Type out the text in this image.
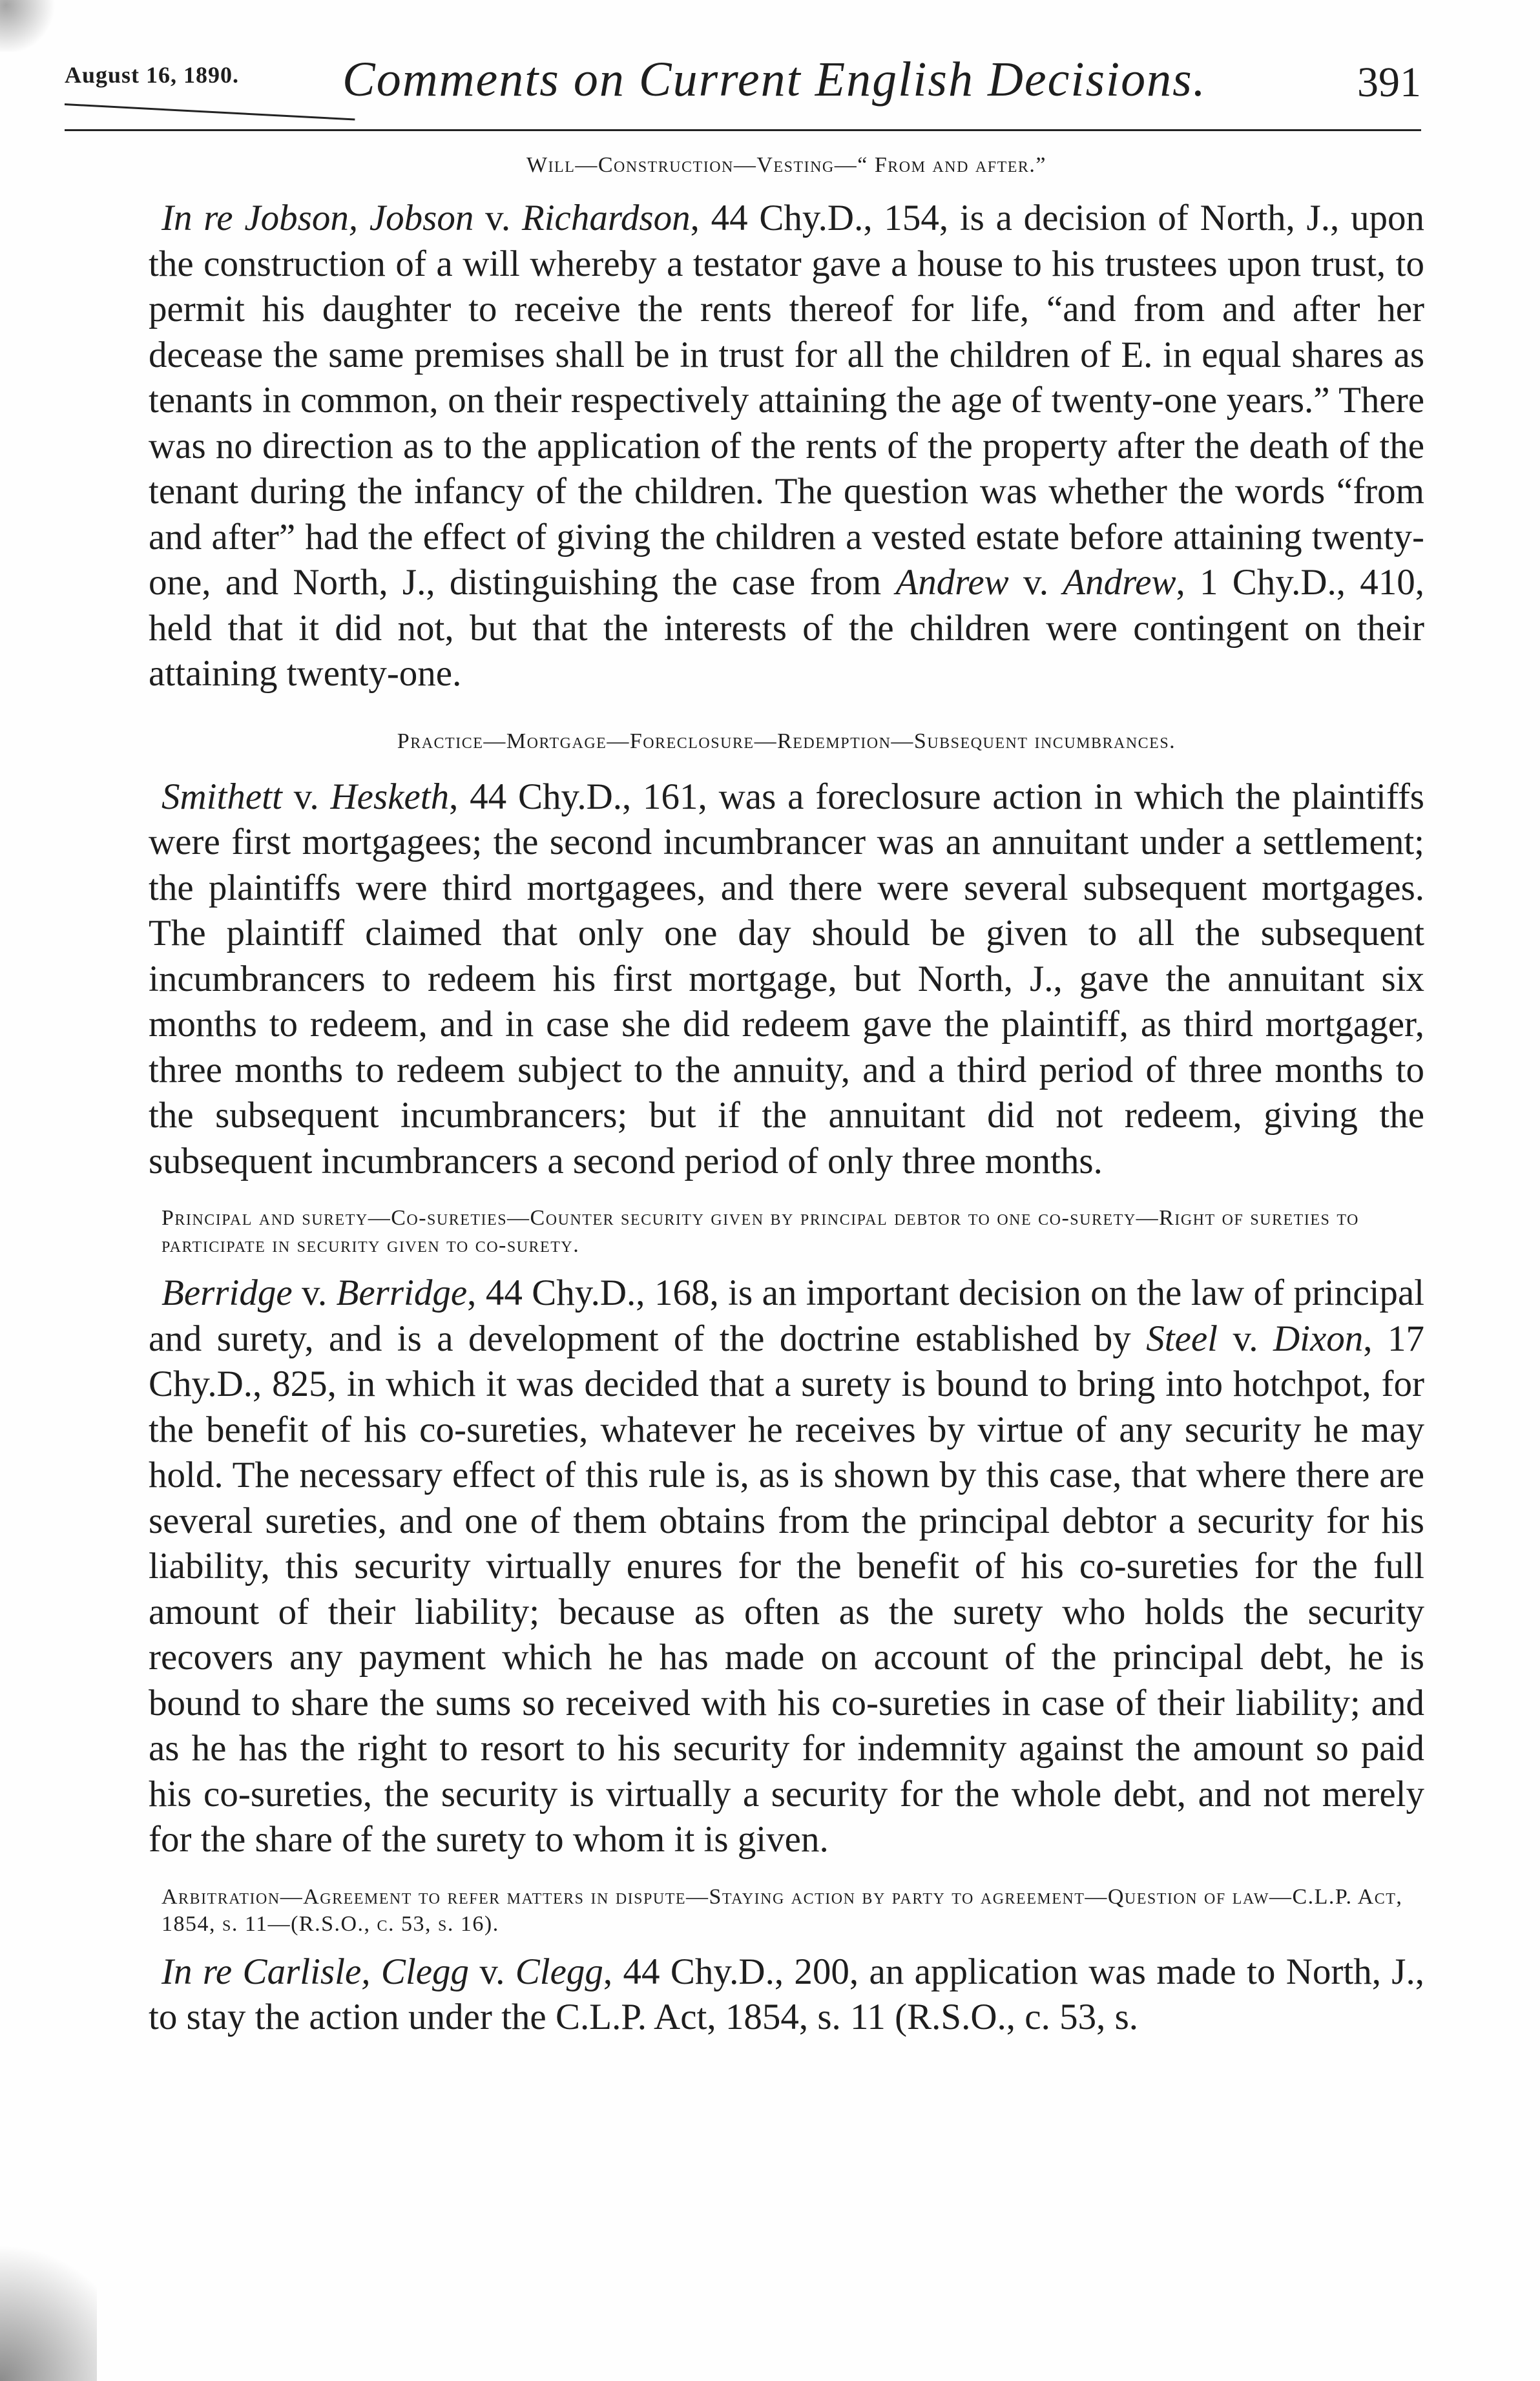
August 16, 1890. Comments on Current English Decisions.	391

Will—Construction—Vesting—“ From and after.”

In re Jobson, Jobson v. Richardson, 44 Chy.D., 154, is a decision of North, J., upon the construction of a will whereby a testator gave a house to his trustees upon trust, to permit his daughter to receive the rents thereof for life, “and from and after her decease the same premises shall be in trust for all the children of E. in equal shares as tenants in common, on their respectively attaining the age of twenty-one years.” There was no direction as to the application of the rents of the property after the death of the tenant during the infancy of the children. The question was whether the words “from and after” had the effect of giving the children a vested estate before attaining twenty-one, and North, J., distinguishing the case from Andrew v. Andrew, 1 Chy.D., 410, held that it did not, but that the interests of the children were contingent on their attaining twenty-one.

Practice—Mortgage—Foreclosure—Redemption—Subsequent incumbrances.

Smithett v. Hesketh, 44 Chy.D., 161, was a foreclosure action in which the plaintiffs were first mortgagees; the second incumbrancer was an annuitant under a settlement; the plaintiffs were third mortgagees, and there were several subsequent mortgages. The plaintiff claimed that only one day should be given to all the subsequent incumbrancers to redeem his first mortgage, but North, J., gave the annuitant six months to redeem, and in case she did redeem gave the plaintiff, as third mortgager, three months to redeem subject to the annuity, and a third period of three months to the subsequent incumbrancers; but if the annuitant did not redeem, giving the subsequent incumbrancers a second period of only three months.

Principal and surety—Co-sureties—Counter security given by principal debtor to one co-surety—Right of sureties to participate in security given to co-surety.

Berridge v. Berridge, 44 Chy.D., 168, is an important decision on the law of principal and surety, and is a development of the doctrine established by Steel v. Dixon, 17 Chy.D., 825, in which it was decided that a surety is bound to bring into hotchpot, for the benefit of his co-sureties, whatever he receives by virtue of any security he may hold. The necessary effect of this rule is, as is shown by this case, that where there are several sureties, and one of them obtains from the principal debtor a security for his liability, this security virtually enures for the benefit of his co-sureties for the full amount of their liability; because as often as the surety who holds the security recovers any payment which he has made on account of the principal debt, he is bound to share the sums so received with his co-sureties in case of their liability; and as he has the right to resort to his security for indemnity against the amount so paid his co-sureties, the security is virtually a security for the whole debt, and not merely for the share of the surety to whom it is given.

Arbitration—Agreement to refer matters in dispute—Staying action by party to agreement—Question of law—C.L.P. Act, 1854, s. 11—(R.S.O., c. 53, s. 16).

In re Carlisle, Clegg v. Clegg, 44 Chy.D., 200, an application was made to North, J., to stay the action under the C.L.P. Act, 1854, s. 11 (R.S.O., c. 53, s.
